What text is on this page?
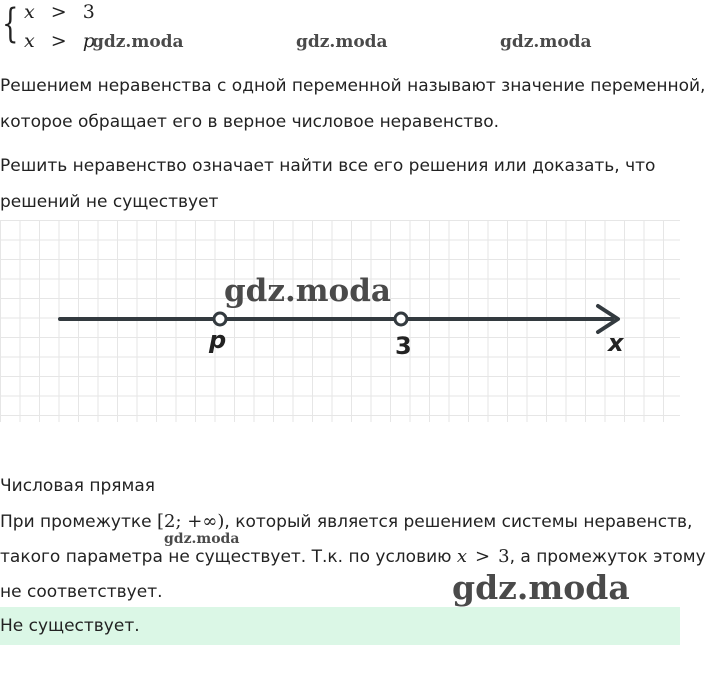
{ x > 3
x > p
gdz.moda	gdz.moda	gdz.moda
Решением неравенства с одной переменной называют значение переменной,
которое обращает его в верное числовое неравенство.
Решить неравенство означает найти все его решения или доказать, что
решений не существует
p	3	x
gdz.moda
Числовая прямая
При промежутке [2; +∞), который является решением системы неравенств,
gdz.moda
такого параметра не существует. Т.к. по условию x > 3, а промежуток этому
не соответствует.	gdz.moda
Не существует.
